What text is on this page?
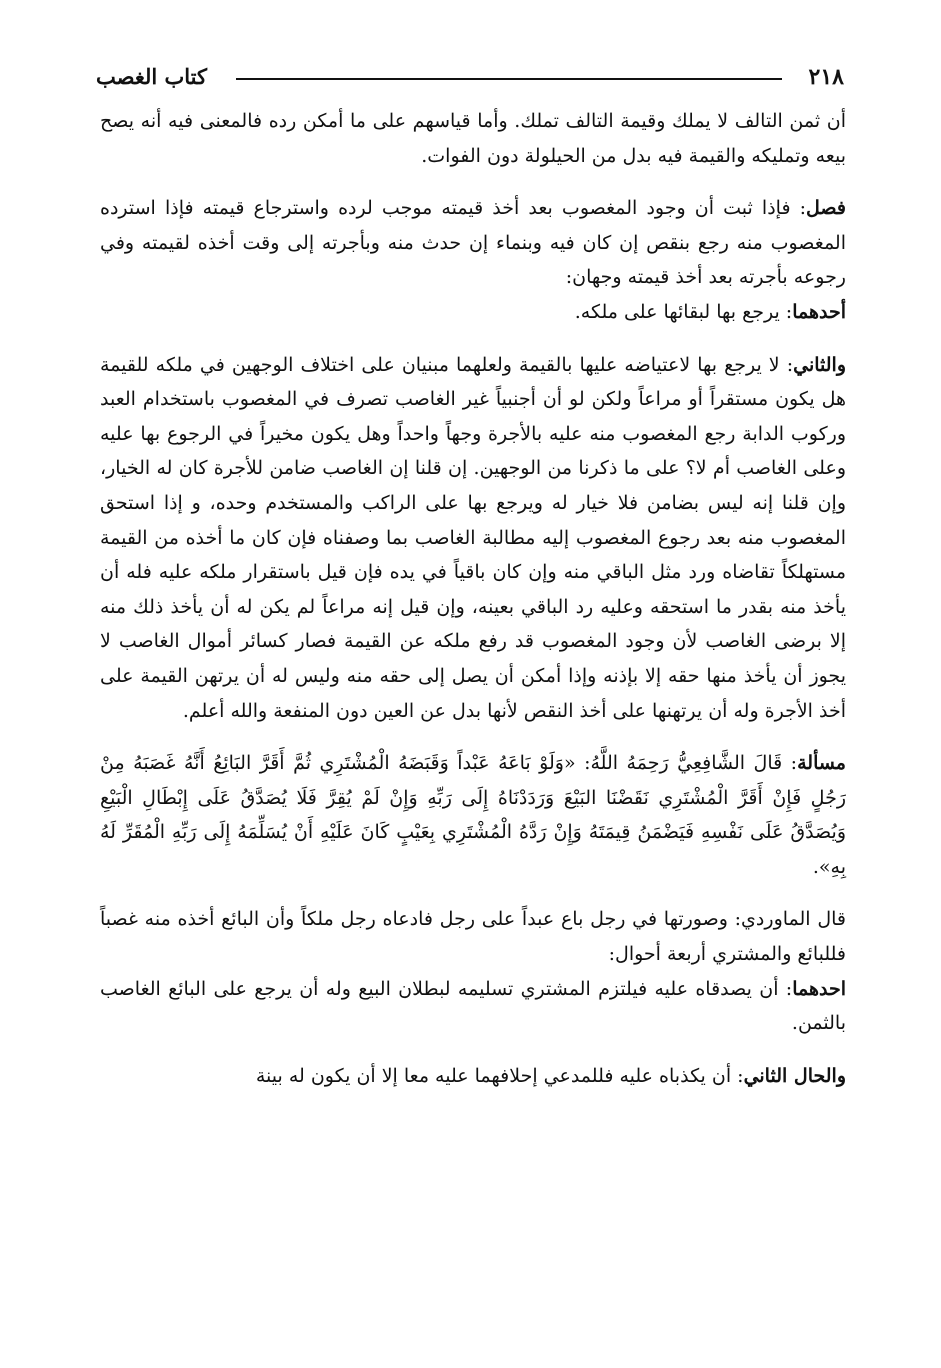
٢١٨
كتاب الغصب

أن ثمن التالف لا يملك وقيمة التالف تملك. وأما قياسهم على ما أمكن رده فالمعنى فيه أنه يصح بيعه وتمليكه والقيمة فيه بدل من الحيلولة دون الفوات.

فصل: فإذا ثبت أن وجود المغصوب بعد أخذ قيمته موجب لرده واسترجاع قيمته فإذا استرده المغصوب منه رجع بنقص إن كان فيه وبنماء إن حدث منه وبأجرته إلى وقت أخذه لقيمته وفي رجوعه بأجرته بعد أخذ قيمته وجهان:

أحدهما: يرجع بها لبقائها على ملكه.

والثاني: لا يرجع بها لاعتياضه عليها بالقيمة ولعلهما مبنيان على اختلاف الوجهين في ملكه للقيمة هل يكون مستقراً أو مراعاً ولكن لو أن أجنبياً غير الغاصب تصرف في المغصوب باستخدام العبد وركوب الدابة رجع المغصوب منه عليه بالأجرة وجهاً واحداً وهل يكون مخيراً في الرجوع بها عليه وعلى الغاصب أم لا؟ على ما ذكرنا من الوجهين. إن قلنا إن الغاصب ضامن للأجرة كان له الخيار، وإن قلنا إنه ليس بضامن فلا خيار له ويرجع بها على الراكب والمستخدم وحده، و إذا استحق المغصوب منه بعد رجوع المغصوب إليه مطالبة الغاصب بما وصفناه فإن كان ما أخذه من القيمة مستهلكاً تقاضاه ورد مثل الباقي منه وإن كان باقياً في يده فإن قيل باستقرار ملكه عليه فله أن يأخذ منه بقدر ما استحقه وعليه رد الباقي بعينه، وإن قيل إنه مراعاً لم يكن له أن يأخذ ذلك منه إلا برضى الغاصب لأن وجود المغصوب قد رفع ملكه عن القيمة فصار كسائر أموال الغاصب لا يجوز أن يأخذ منها حقه إلا بإذنه وإذا أمكن أن يصل إلى حقه منه وليس له أن يرتهن القيمة على أخذ الأجرة وله أن يرتهنها على أخذ النقص لأنها بدل عن العين دون المنفعة والله أعلم.

مسألة: قَالَ الشَّافِعِيُّ رَحِمَهُ اللَّهُ: «وَلَوْ بَاعَهُ عَبْداً وَقَبَضَهُ الْمُشْتَرِي ثُمَّ أَقَرَّ البَائِعُ أَنَّهُ غَصَبَهُ مِنْ رَجُلٍ فَإِنْ أَقَرَّ الْمُشْتَرِي نَقَضْنَا البَيْعَ وَرَدَدْنَاهُ إِلَى رَبِّهِ وَإِنْ لَمْ يُقِرَّ فَلَا يُصَدَّقُ عَلَى إِبْطَالِ الْبَيْعِ وَيُصَدَّقُ عَلَى نَفْسِهِ فَيَضْمَنُ قِيمَتَهُ وَإِنْ رَدَّهُ الْمُشْتَرِي بِعَيْبٍ كَانَ عَلَيْهِ أَنْ يُسَلِّمَهُ إِلَى رَبِّهِ الْمُقَرِّ لَهُ بِهِ».

قال الماوردي: وصورتها في رجل باع عبداً على رجل فادعاه رجل ملكاً وأن البائع أخذه منه غصباً فللبائع والمشتري أربعة أحوال:

احدهما: أن يصدقاه عليه فيلتزم المشتري تسليمه لبطلان البيع وله أن يرجع على البائع الغاصب بالثمن.

والحال الثاني: أن يكذباه عليه فللمدعي إحلافهما عليه معا إلا أن يكون له بينة
